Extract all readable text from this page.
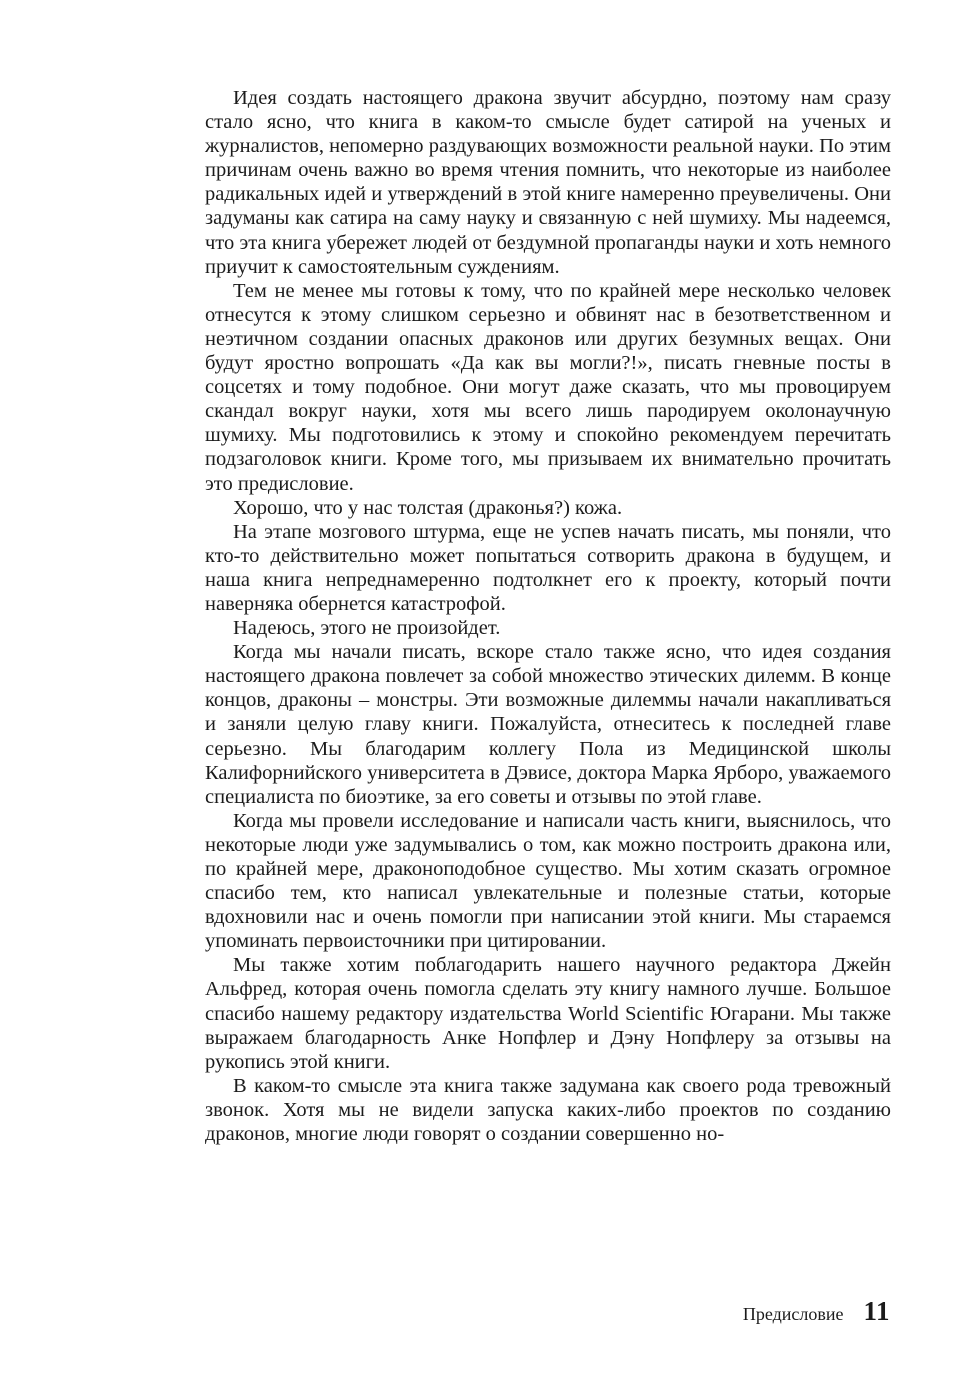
Идея создать настоящего дракона звучит абсурдно, поэтому нам сразу стало ясно, что книга в каком-то смысле будет сатирой на ученых и журналистов, непомерно раздувающих возможности реальной науки. По этим причинам очень важно во время чтения помнить, что некоторые из наиболее радикальных идей и утверждений в этой книге намеренно преувеличены. Они задуманы как сатира на саму науку и связанную с ней шумиху. Мы надеемся, что эта книга убережет людей от бездумной пропаганды науки и хоть немного приучит к самостоятельным суждениям.

Тем не менее мы готовы к тому, что по крайней мере несколько человек отнесутся к этому слишком серьезно и обвинят нас в безответственном и неэтичном создании опасных драконов или других безумных вещах. Они будут яростно вопрошать «Да как вы могли?!», писать гневные посты в соцсетях и тому подобное. Они могут даже сказать, что мы провоцируем скандал вокруг науки, хотя мы всего лишь пародируем околонаучную шумиху. Мы подготовились к этому и спокойно рекомендуем перечитать подзаголовок книги. Кроме того, мы призываем их внимательно прочитать это предисловие.

Хорошо, что у нас толстая (драконья?) кожа.

На этапе мозгового штурма, еще не успев начать писать, мы поняли, что кто-то действительно может попытаться сотворить дракона в будущем, и наша книга непреднамеренно подтолкнет его к проекту, который почти наверняка обернется катастрофой.

Надеюсь, этого не произойдет.

Когда мы начали писать, вскоре стало также ясно, что идея создания настоящего дракона повлечет за собой множество этических дилемм. В конце концов, драконы – монстры. Эти возможные дилеммы начали накапливаться и заняли целую главу книги. Пожалуйста, отнеситесь к последней главе серьезно. Мы благодарим коллегу Пола из Медицинской школы Калифорнийского университета в Дэвисе, доктора Марка Ярборо, уважаемого специалиста по биоэтике, за его советы и отзывы по этой главе.

Когда мы провели исследование и написали часть книги, выяснилось, что некоторые люди уже задумывались о том, как можно построить дракона или, по крайней мере, драконоподобное существо. Мы хотим сказать огромное спасибо тем, кто написал увлекательные и полезные статьи, которые вдохновили нас и очень помогли при написании этой книги. Мы стараемся упоминать первоисточники при цитировании.

Мы также хотим поблагодарить нашего научного редактора Джейн Альфред, которая очень помогла сделать эту книгу намного лучше. Большое спасибо нашему редактору издательства World Scientific Югарани. Мы также выражаем благодарность Анке Нопфлер и Дэну Нопфлеру за отзывы на рукопись этой книги.

В каком-то смысле эта книга также задумана как своего рода тревожный звонок. Хотя мы не видели запуска каких-либо проектов по созданию драконов, многие люди говорят о создании совершенно но-

Предисловие 11
